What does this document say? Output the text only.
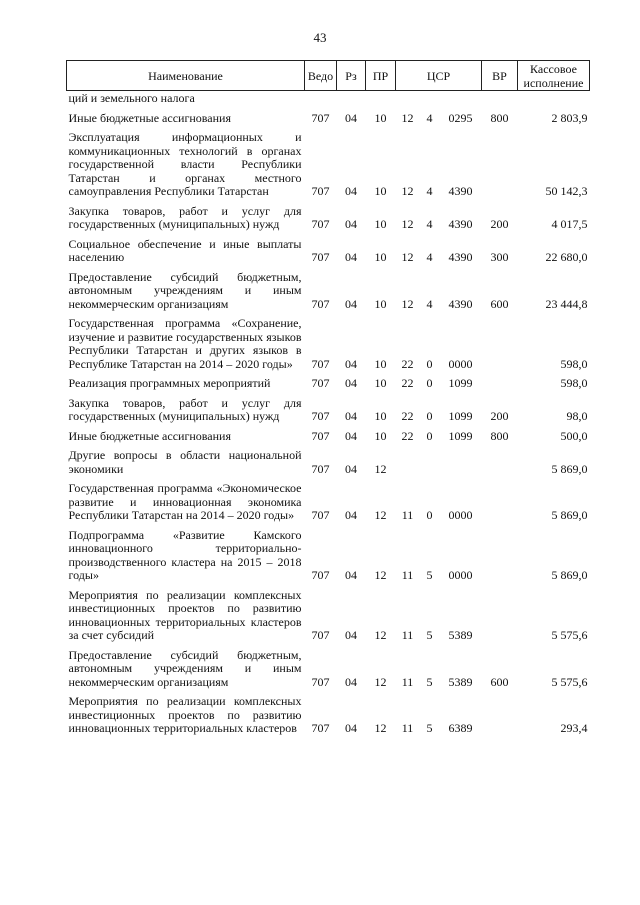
43
Наименование	Ведо	Рз	ПР	ЦСР			ВР	Кассовое исполнение
ций и земельного налога								
Иные бюджетные ассигнования	707	04	10	12	4	0295	800	2 803,9
Эксплуатация информационных и коммуникационных технологий в органах государственной власти Республики Татарстан и органах местного самоуправления Республики Татарстан	707	04	10	12	4	4390		50 142,3
Закупка товаров, работ и услуг для государственных (муниципальных) нужд	707	04	10	12	4	4390	200	4 017,5
Социальное обеспечение и иные выплаты населению	707	04	10	12	4	4390	300	22 680,0
Предоставление субсидий бюджетным, автономным учреждениям и иным некоммерческим организациям	707	04	10	12	4	4390	600	23 444,8
Государственная программа «Сохранение, изучение и развитие государственных языков Республики Татарстан и других языков в Республике Татарстан на 2014 – 2020 годы»	707	04	10	22	0	0000		598,0
Реализация программных мероприятий	707	04	10	22	0	1099		598,0
Закупка товаров, работ и услуг для государственных (муниципальных) нужд	707	04	10	22	0	1099	200	98,0
Иные бюджетные ассигнования	707	04	10	22	0	1099	800	500,0
Другие вопросы в области национальной экономики	707	04	12					5 869,0
Государственная программа «Экономическое развитие и инновационная экономика Республики Татарстан на 2014 – 2020 годы»	707	04	12	11	0	0000		5 869,0
Подпрограмма «Развитие Камского инновационного территориально-производственного кластера на 2015 – 2018 годы»	707	04	12	11	5	0000		5 869,0
Мероприятия по реализации комплексных инвестиционных проектов по развитию инновационных территориальных кластеров за счет субсидий	707	04	12	11	5	5389		5 575,6
Предоставление субсидий бюджетным, автономным учреждениям и иным некоммерческим организациям	707	04	12	11	5	5389	600	5 575,6
Мероприятия по реализации комплексных инвестиционных проектов по развитию инновационных территориальных кластеров	707	04	12	11	5	6389		293,4
